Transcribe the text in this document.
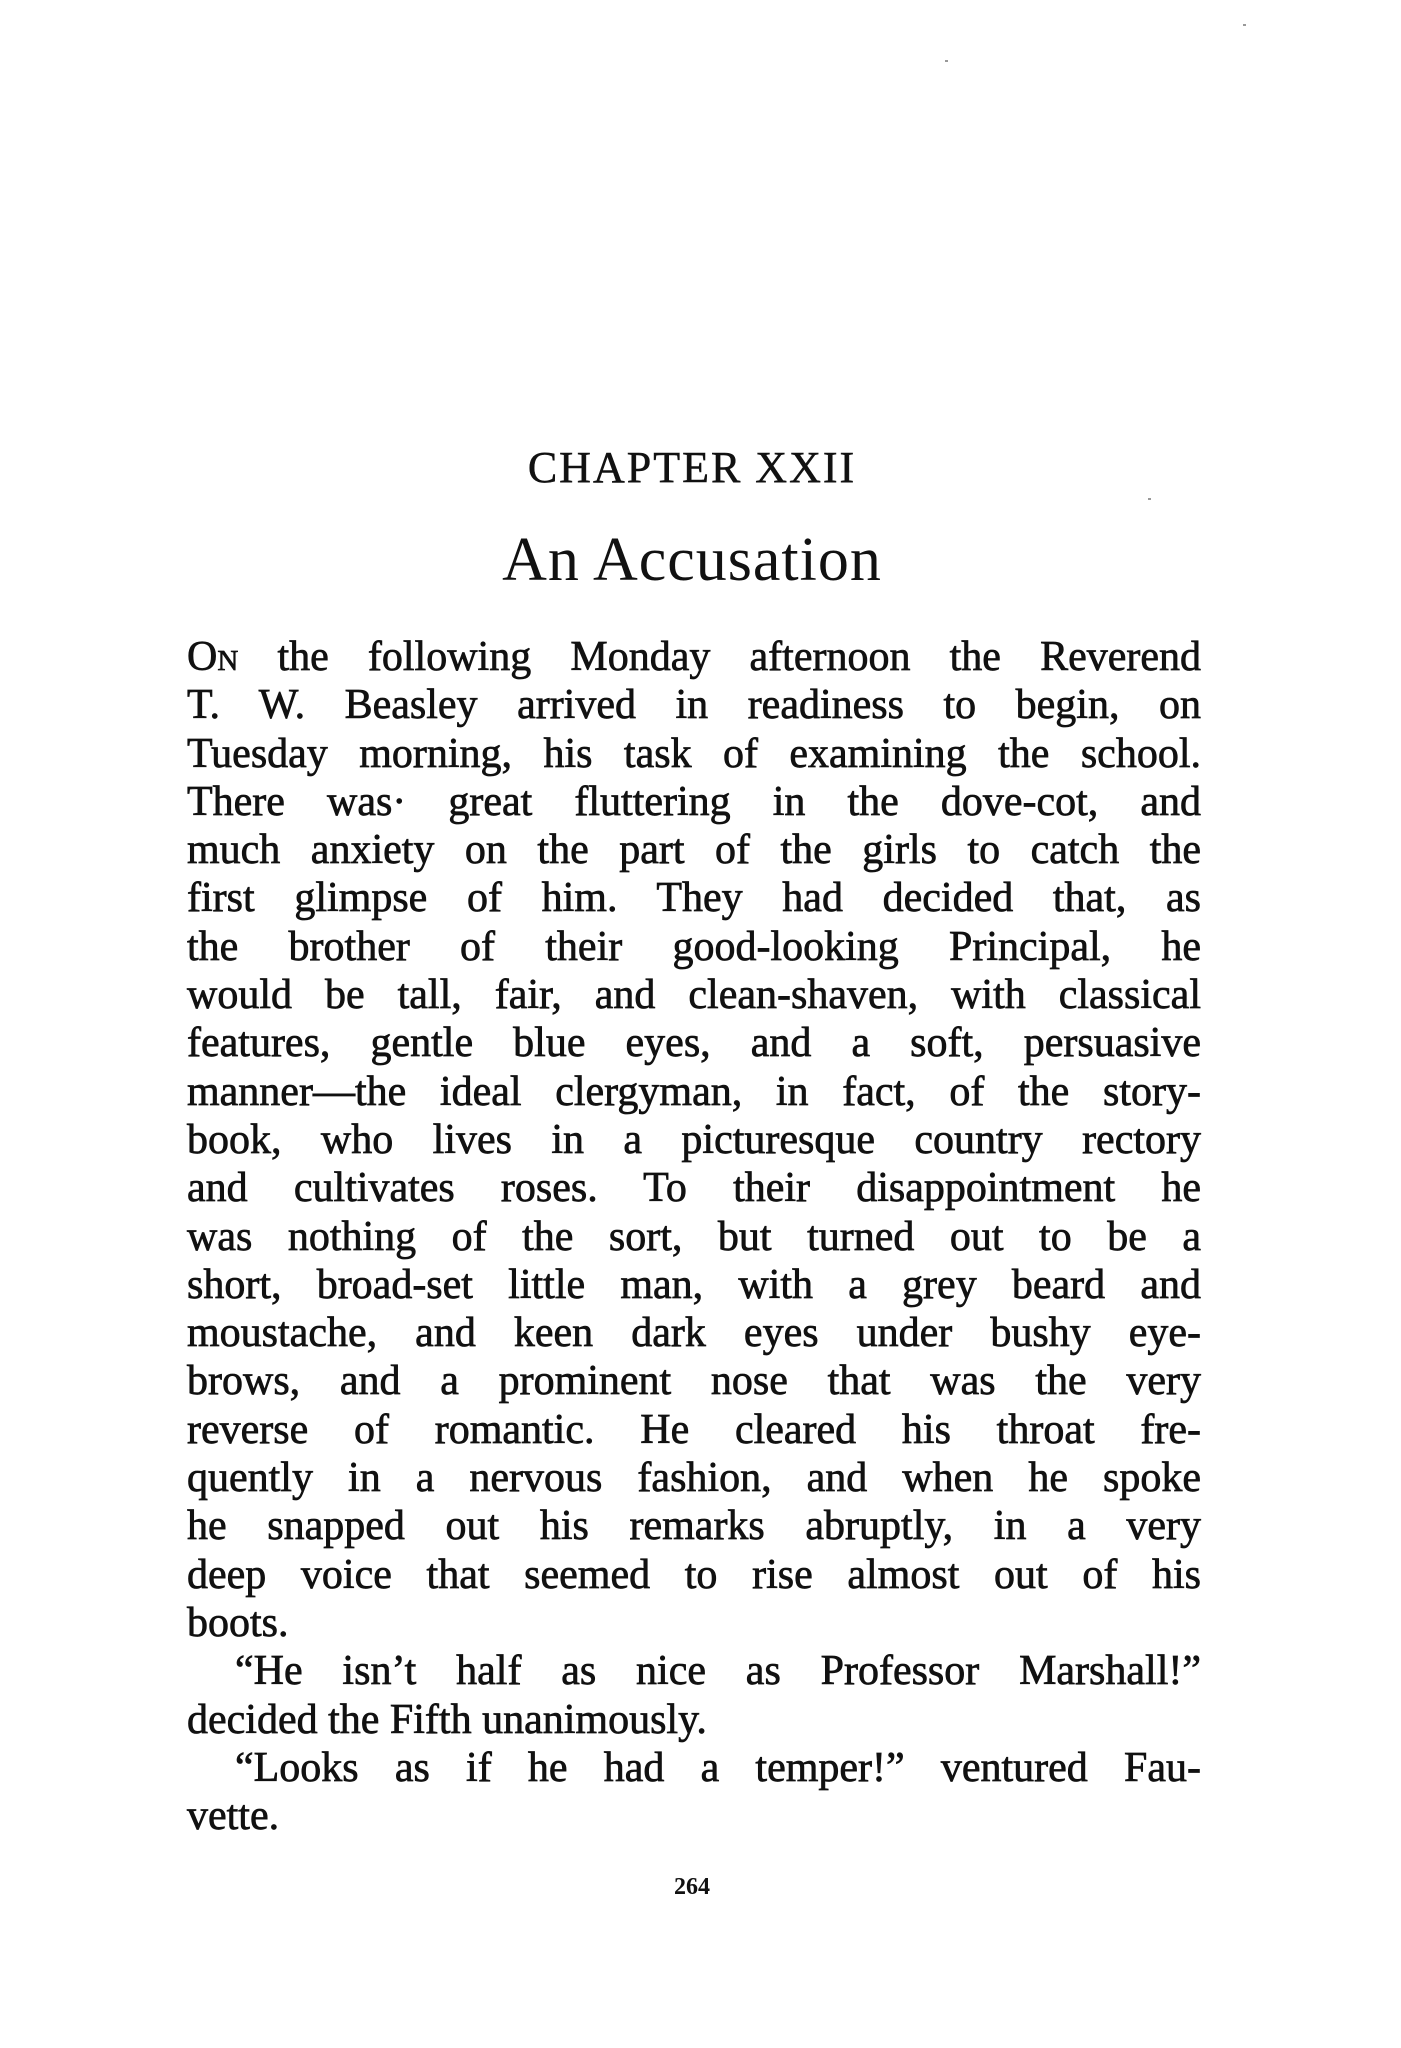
CHAPTER XXII
An Accusation
On the following Monday afternoon the Reverend
T. W. Beasley arrived in readiness to begin, on
Tuesday morning, his task of examining the school.
There was· great fluttering in the dove-cot, and
much anxiety on the part of the girls to catch the
first glimpse of him. They had decided that, as
the brother of their good-looking Principal, he
would be tall, fair, and clean-shaven, with classical
features, gentle blue eyes, and a soft, persuasive
manner—the ideal clergyman, in fact, of the story-
book, who lives in a picturesque country rectory
and cultivates roses. To their disappointment he
was nothing of the sort, but turned out to be a
short, broad-set little man, with a grey beard and
moustache, and keen dark eyes under bushy eye-
brows, and a prominent nose that was the very
reverse of romantic. He cleared his throat fre-
quently in a nervous fashion, and when he spoke
he snapped out his remarks abruptly, in a very
deep voice that seemed to rise almost out of his
boots.
“He isn’t half as nice as Professor Marshall!”
decided the Fifth unanimously.
“Looks as if he had a temper!” ventured Fau-
vette.
264
